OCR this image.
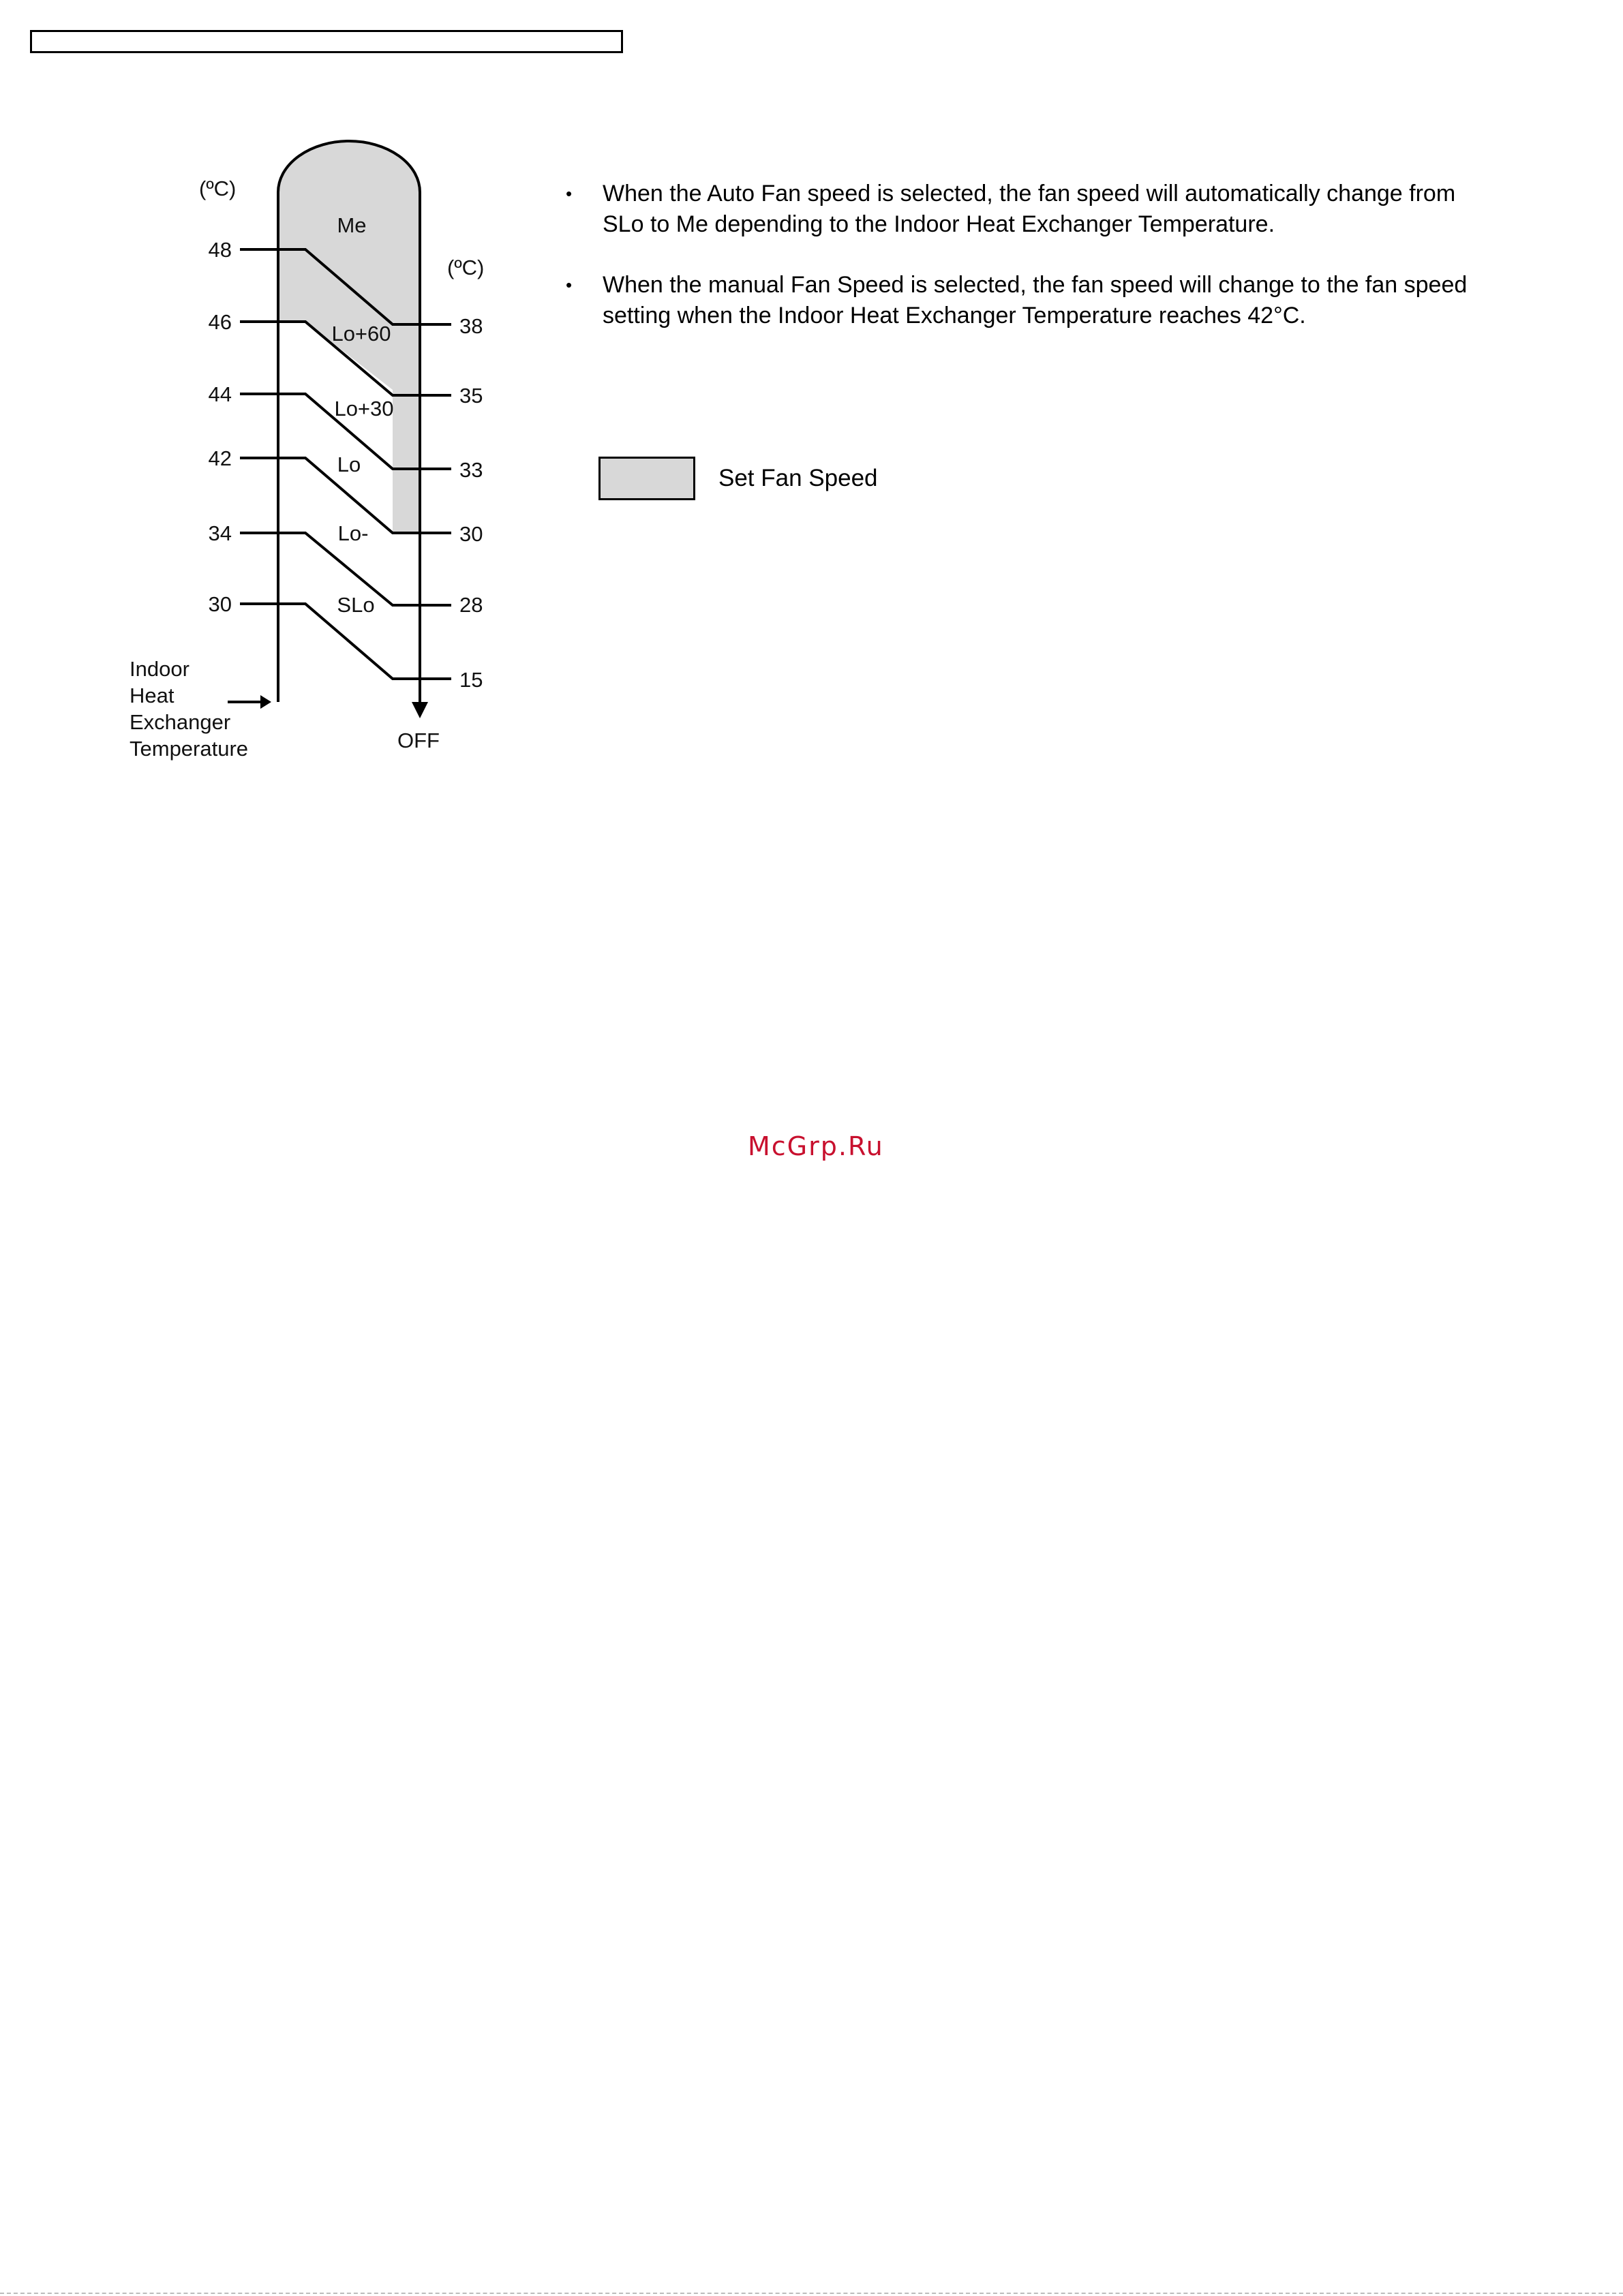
(ºC)
(ºC)
Me
Lo+60
Lo+30
Lo
Lo-
SLo
48
46
44
42
34
30
38
35
33
30
28
15
Indoor
Heat
Exchanger
Temperature	OFF
• When the Auto Fan speed is selected, the fan speed will automatically change from SLo to Me depending to the Indoor Heat Exchanger Temperature.
• When the manual Fan Speed is selected, the fan speed will change to the fan speed setting when the Indoor Heat Exchanger Temperature reaches 42°C.
Set Fan Speed
McGrp.Ru
